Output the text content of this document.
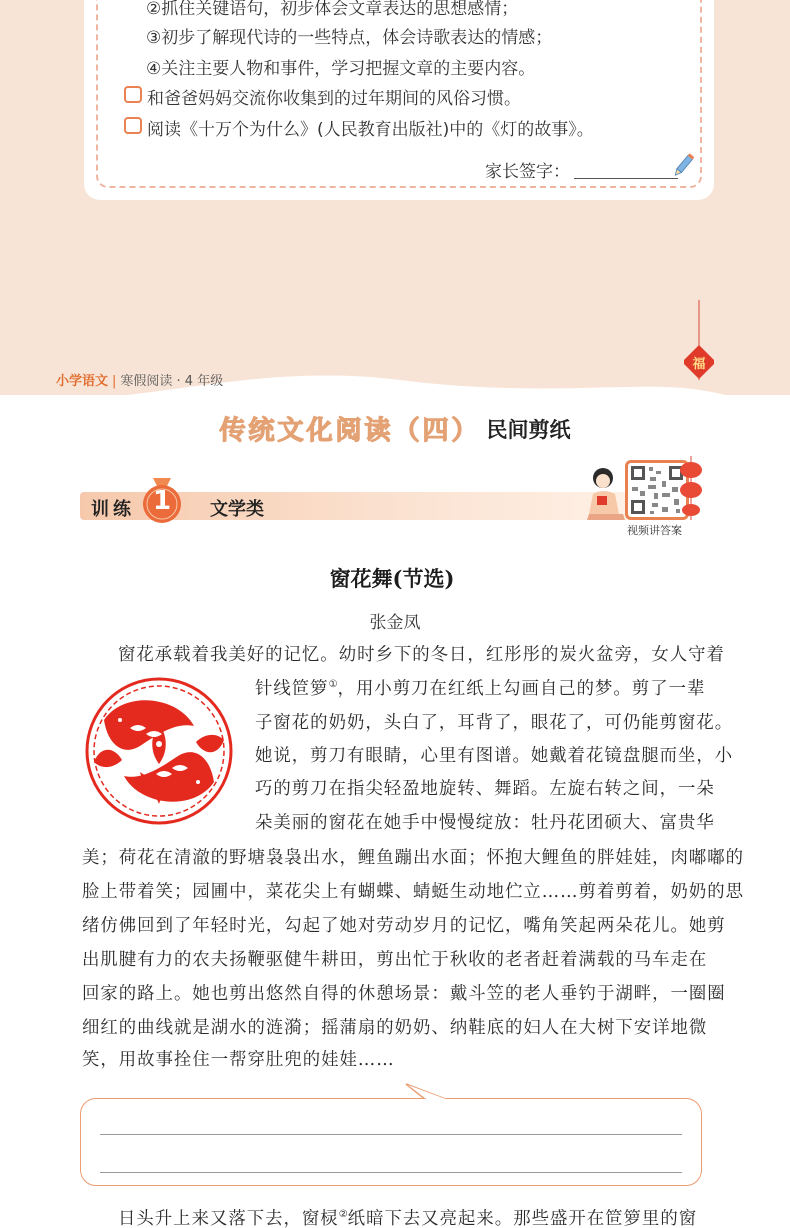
②抓住关键语句，初步体会文章表达的思想感情；
③初步了解现代诗的一些特点，体会诗歌表达的情感；
④关注主要人物和事件，学习把握文章的主要内容。
和爸爸妈妈交流你收集到的过年期间的风俗习惯。
阅读《十万个为什么》(人民教育出版社)中的《灯的故事》。
家长签字：
小学语文 | 寒假阅读 · 4 年级
福
传统文化阅读（四） 民间剪纸
训练 1	文学类
视频讲答案
窗花舞(节选)
张金凤
窗花承载着我美好的记忆。幼时乡下的冬日，红彤彤的炭火盆旁，女人守着
针线笸箩①，用小剪刀在红纸上勾画自己的梦。剪了一辈
子窗花的奶奶，头白了，耳背了，眼花了，可仍能剪窗花。
她说，剪刀有眼睛，心里有图谱。她戴着花镜盘腿而坐，小
巧的剪刀在指尖轻盈地旋转、舞蹈。左旋右转之间，一朵
朵美丽的窗花在她手中慢慢绽放：牡丹花团硕大、富贵华
美；荷花在清澈的野塘袅袅出水，鲤鱼蹦出水面；怀抱大鲤鱼的胖娃娃，肉嘟嘟的
脸上带着笑；园圃中，菜花尖上有蝴蝶、蜻蜓生动地伫立……剪着剪着，奶奶的思
绪仿佛回到了年轻时光，勾起了她对劳动岁月的记忆，嘴角笑起两朵花儿。她剪
出肌腱有力的农夫扬鞭驱健牛耕田，剪出忙于秋收的老者赶着满载的马车走在
回家的路上。她也剪出悠然自得的休憩场景：戴斗笠的老人垂钓于湖畔，一圈圈
细红的曲线就是湖水的涟漪；摇蒲扇的奶奶、纳鞋底的妇人在大树下安详地微
笑，用故事拴住一帮穿肚兜的娃娃……
日头升上来又落下去，窗棂②纸暗下去又亮起来。那些盛开在笸箩里的窗
